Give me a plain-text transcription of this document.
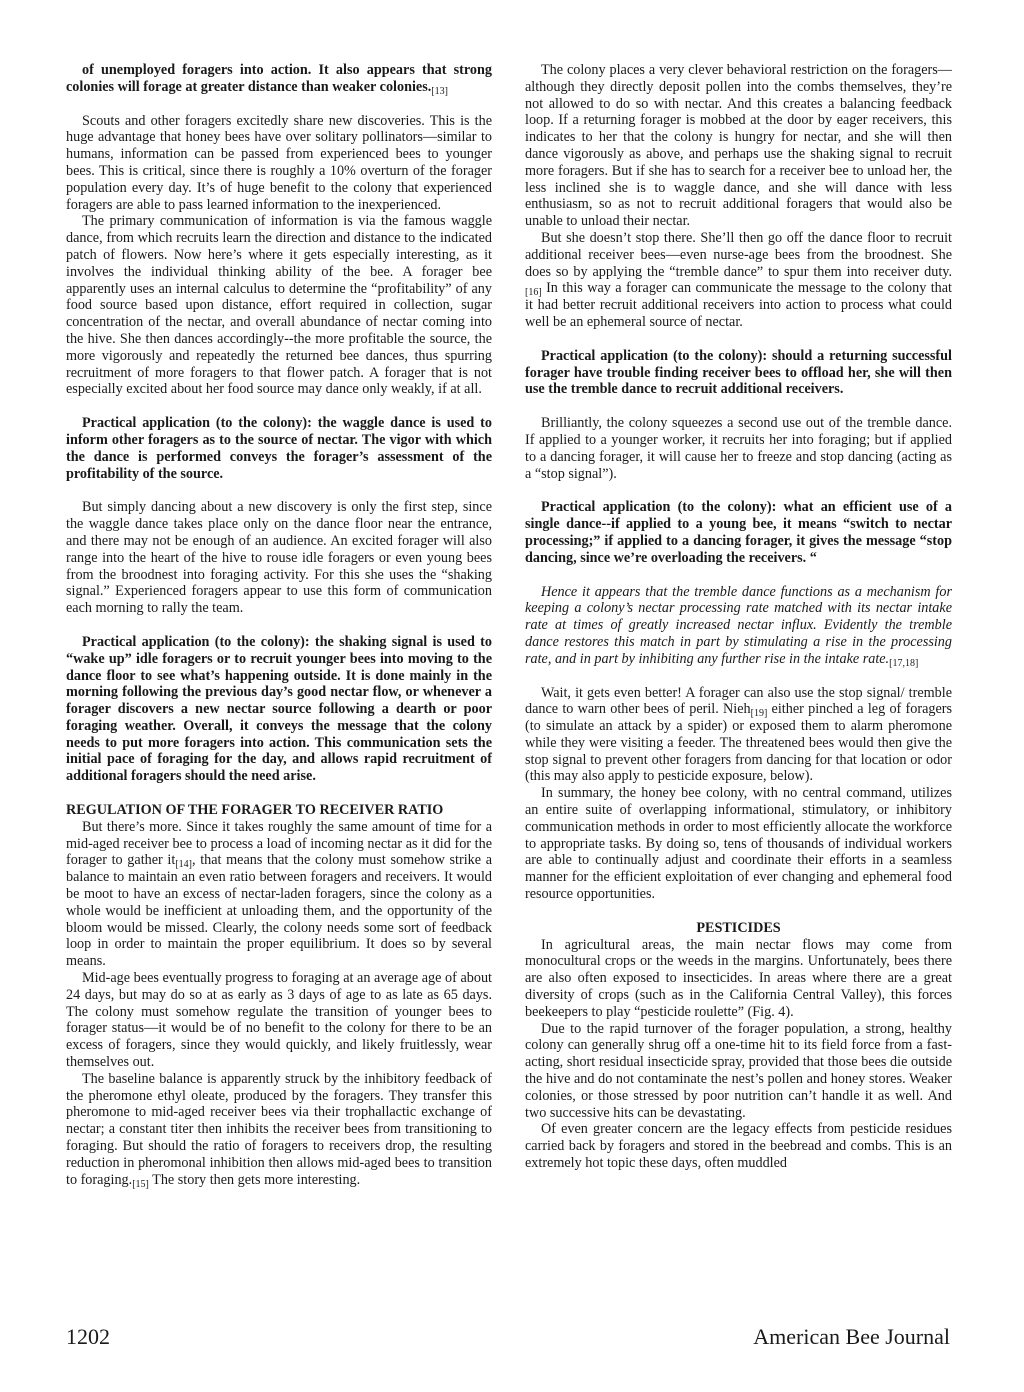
of unemployed foragers into action. It also appears that strong colonies will forage at greater distance than weaker $colonies._{[13]}$

Scouts and other foragers excitedly share new discoveries. This is the huge advantage that honey bees have over solitary pollinators—similar to humans, information can be passed from experienced bees to younger bees. This is critical, since there is roughly a 10% overturn of the forager population every day. It’s of huge benefit to the colony that experienced foragers are able to pass learned information to the inexperienced.

The primary communication of information is via the famous waggle dance, from which recruits learn the direction and distance to the indicated patch of flowers. Now here’s where it gets especially interesting, as it involves the individual thinking ability of the bee. A forager bee apparently uses an internal calculus to determine the “profitability” of any food source based upon distance, effort required in collection, sugar concentration of the nectar, and overall abundance of nectar coming into the hive. She then dances accordingly--the more profitable the source, the more vigorously and repeatedly the returned bee dances, thus spurring recruitment of more foragers to that flower patch. A forager that is not especially excited about her food source may dance only weakly, if at all.

Practical application (to the colony): the waggle dance is used to inform other foragers as to the source of nectar. The vigor with which the dance is performed conveys the forager’s assessment of the profitability of the source.

But simply dancing about a new discovery is only the first step, since the waggle dance takes place only on the dance floor near the entrance, and there may not be enough of an audience. An excited forager will also range into the heart of the hive to rouse idle foragers or even young bees from the broodnest into foraging activity. For this she uses the “shaking signal.” Experienced foragers appear to use this form of communication each morning to rally the team.

Practical application (to the colony): the shaking signal is used to “wake up” idle foragers or to recruit younger bees into moving to the dance floor to see what’s happening outside. It is done mainly in the morning following the previous day’s good nectar flow, or whenever a forager discovers a new nectar source following a dearth or poor foraging weather. Overall, it conveys the message that the colony needs to put more foragers into action. This communication sets the initial pace of foraging for the day, and allows rapid recruitment of additional foragers should the need arise.

REGULATION OF THE FORAGER TO RECEIVER RATIO

But there’s more. Since it takes roughly the same amount of time for a mid-aged receiver bee to process a load of incoming nectar as it did for the forager to gather $it_{[14]}$, that means that the colony must somehow strike a balance to maintain an even ratio between foragers and receivers. It would be moot to have an excess of nectar-laden foragers, since the colony as a whole would be inefficient at unloading them, and the opportunity of the bloom would be missed. Clearly, the colony needs some sort of feedback loop in order to maintain the proper equilibrium. It does so by several means.

Mid-age bees eventually progress to foraging at an average age of about 24 days, but may do so at as early as 3 days of age to as late as 65 days. The colony must somehow regulate the transition of younger bees to forager status—it would be of no benefit to the colony for there to be an excess of foragers, since they would quickly, and likely fruitlessly, wear themselves out.

The baseline balance is apparently struck by the inhibitory feedback of the pheromone ethyl oleate, produced by the foragers. They transfer this pheromone to mid-aged receiver bees via their trophallactic exchange of nectar; a constant titer then inhibits the receiver bees from transitioning to foraging. But should the ratio of foragers to receivers drop, the resulting reduction in pheromonal inhibition then allows mid-aged bees to transition to $foraging._{[15]}$ The story then gets more interesting.

The colony places a very clever behavioral restriction on the foragers—although they directly deposit pollen into the combs themselves, they’re not allowed to do so with nectar. And this creates a balancing feedback loop. If a returning forager is mobbed at the door by eager receivers, this indicates to her that the colony is hungry for nectar, and she will then dance vigorously as above, and perhaps use the shaking signal to recruit more foragers. But if she has to search for a receiver bee to unload her, the less inclined she is to waggle dance, and she will dance with less enthusiasm, so as not to recruit additional foragers that would also be unable to unload their nectar.

But she doesn’t stop there. She’ll then go off the dance floor to recruit additional receiver bees—even nurse-age bees from the broodnest. She does so by applying the “tremble dance” to spur them into receiver $duty._{[16]}$ In this way a forager can communicate the message to the colony that it had better recruit additional receivers into action to process what could well be an ephemeral source of nectar.

Practical application (to the colony): should a returning successful forager have trouble finding receiver bees to offload her, she will then use the tremble dance to recruit additional receivers.

Brilliantly, the colony squeezes a second use out of the tremble dance. If applied to a younger worker, it recruits her into foraging; but if applied to a dancing forager, it will cause her to freeze and stop dancing (acting as a “stop signal”).

Practical application (to the colony): what an efficient use of a single dance--if applied to a young bee, it means “switch to nectar processing;” if applied to a dancing forager, it gives the message “stop dancing, since we’re overloading the receivers. “

Hence it appears that the tremble dance functions as a mechanism for keeping a colony’s nectar processing rate matched with its nectar intake rate at times of greatly increased nectar influx. Evidently the tremble dance restores this match in part by stimulating a rise in the processing rate, and in part by inhibiting any further rise in the intake $rate._{[17,18]}$

Wait, it gets even better! A forager can also use the stop signal/ tremble dance to warn other bees of peril. Nieh$_{[19]}$ either pinched a leg of foragers (to simulate an attack by a spider) or exposed them to alarm pheromone while they were visiting a feeder. The threatened bees would then give the stop signal to prevent other foragers from dancing for that location or odor (this may also apply to pesticide exposure, below).

In summary, the honey bee colony, with no central command, utilizes an entire suite of overlapping informational, stimulatory, or inhibitory communication methods in order to most efficiently allocate the workforce to appropriate tasks. By doing so, tens of thousands of individual workers are able to continually adjust and coordinate their efforts in a seamless manner for the efficient exploitation of ever changing and ephemeral food resource opportunities.

PESTICIDES

In agricultural areas, the main nectar flows may come from monocultural crops or the weeds in the margins. Unfortunately, bees there are also often exposed to insecticides. In areas where there are a great diversity of crops (such as in the California Central Valley), this forces beekeepers to play “pesticide roulette” (Fig. 4).

Due to the rapid turnover of the forager population, a strong, healthy colony can generally shrug off a one-time hit to its field force from a fast-acting, short residual insecticide spray, provided that those bees die outside the hive and do not contaminate the nest’s pollen and honey stores. Weaker colonies, or those stressed by poor nutrition can’t handle it as well. And two successive hits can be devastating.

Of even greater concern are the legacy effects from pesticide residues carried back by foragers and stored in the beebread and combs. This is an extremely hot topic these days, often muddled

1202	American Bee Journal
